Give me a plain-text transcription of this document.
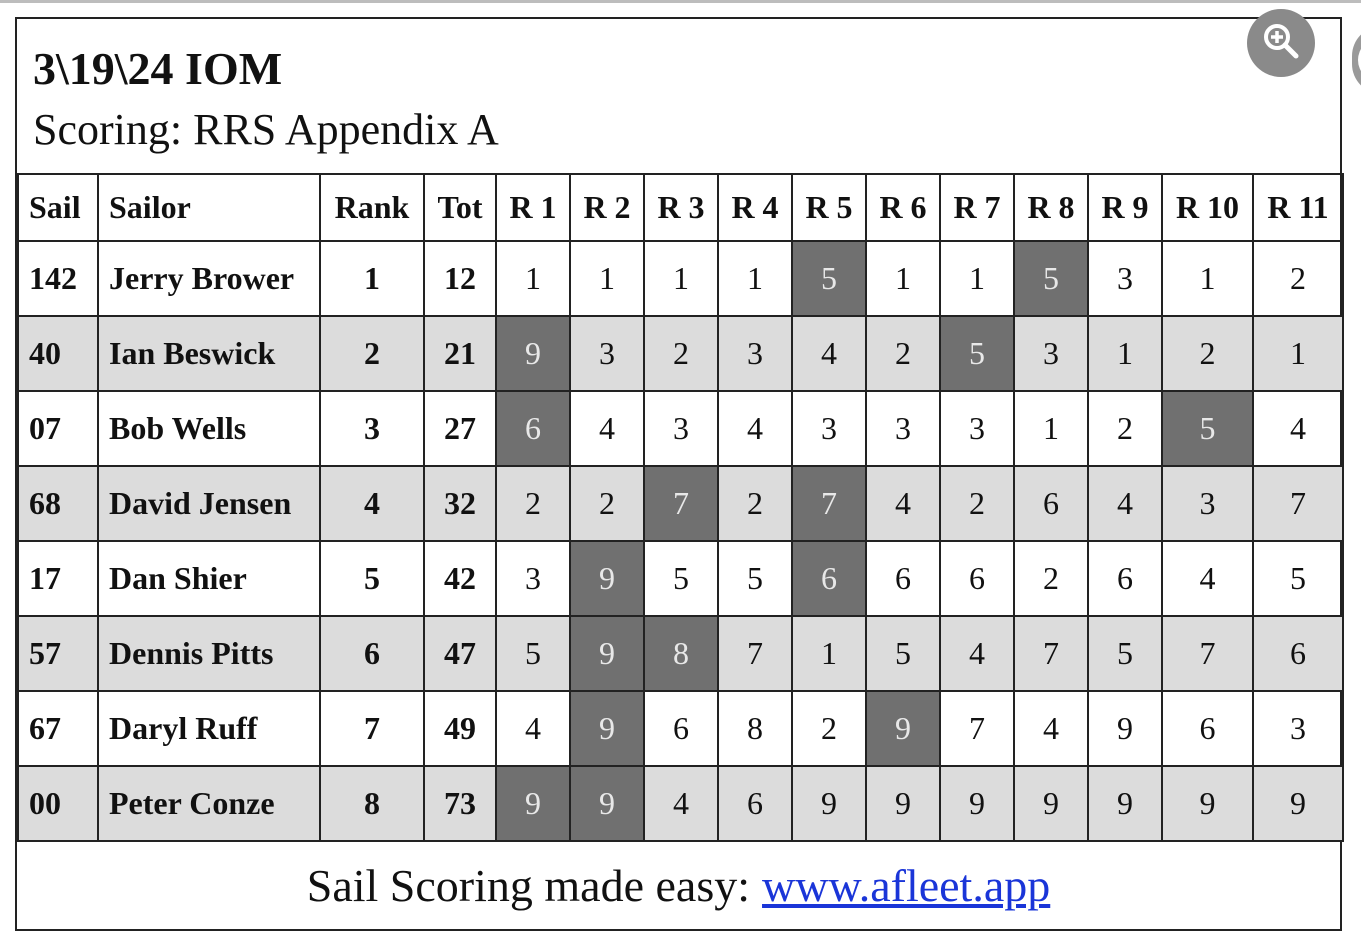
3\19\24 IOM
Scoring: RRS Appendix A
Sail	Sailor	Rank	Tot	R 1	R 2	R 3	R 4	R 5	R 6	R 7	R 8	R 9	R 10	R 11
142	Jerry Brower	1	12	1	1	1	1	5	1	1	5	3	1	2
40	Ian Beswick	2	21	9	3	2	3	4	2	5	3	1	2	1
07	Bob Wells	3	27	6	4	3	4	3	3	3	1	2	5	4
68	David Jensen	4	32	2	2	7	2	7	4	2	6	4	3	7
17	Dan Shier	5	42	3	9	5	5	6	6	6	2	6	4	5
57	Dennis Pitts	6	47	5	9	8	7	1	5	4	7	5	7	6
67	Daryl Ruff	7	49	4	9	6	8	2	9	7	4	9	6	3
00	Peter Conze	8	73	9	9	4	6	9	9	9	9	9	9	9
Sail Scoring made easy: www.afleet.app
